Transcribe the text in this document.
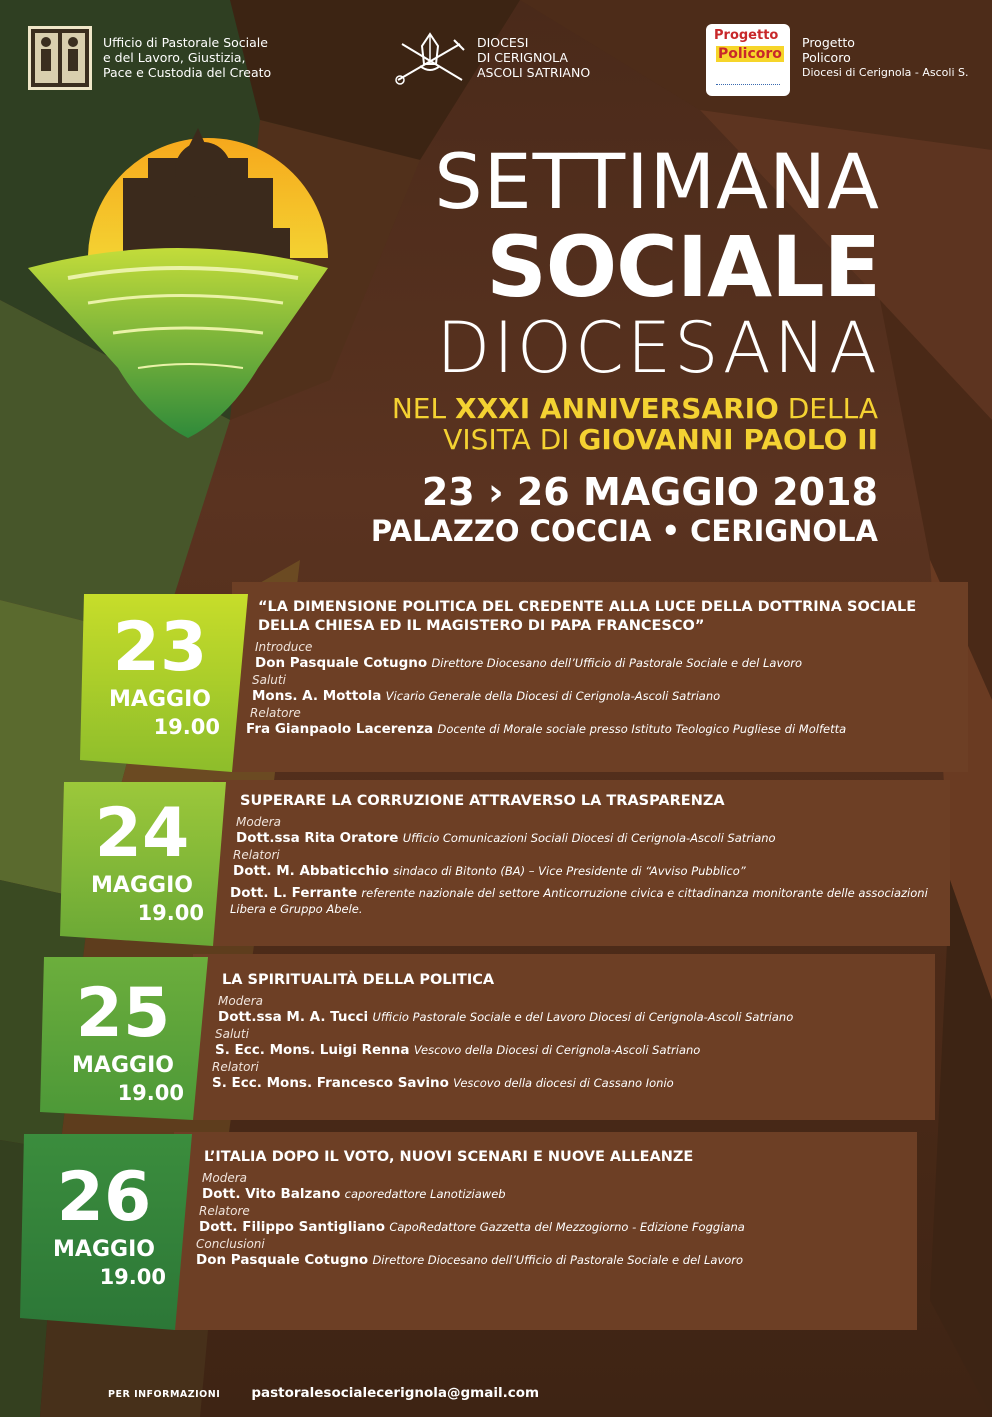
Ufficio di Pastorale Sociale
e del Lavoro, Giustizia,
Pace e Custodia del Creato
DIOCESI
DI CERIGNOLA
ASCOLI SATRIANO
Progetto
Policoro
Progetto
Policoro
Diocesi di Cerignola - Ascoli S.
SETTIMANA
SOCIALE
DIOCESANA
NEL XXXI ANNIVERSARIO DELLA
VISITA DI GIOVANNI PAOLO II
23 › 26 MAGGIO 2018
PALAZZO COCCIA • CERIGNOLA
23
MAGGIO
19.00
24
MAGGIO
19.00
25
MAGGIO
19.00
26
MAGGIO
19.00
“LA DIMENSIONE POLITICA DEL CREDENTE ALLA LUCE DELLA DOTTRINA SOCIALE
DELLA CHIESA ED IL MAGISTERO DI PAPA FRANCESCO”
Introduce
Don Pasquale Cotugno Direttore Diocesano dell’Ufficio di Pastorale Sociale e del Lavoro
Saluti
Mons. A. Mottola Vicario Generale della Diocesi di Cerignola-Ascoli Satriano
Relatore
Fra Gianpaolo Lacerenza Docente di Morale sociale presso Istituto Teologico Pugliese di Molfetta
SUPERARE LA CORRUZIONE ATTRAVERSO LA TRASPARENZA
Modera
Dott.ssa Rita Oratore Ufficio Comunicazioni Sociali Diocesi di Cerignola-Ascoli Satriano
Relatori
Dott. M. Abbaticchio sindaco di Bitonto (BA) – Vice Presidente di “Avviso Pubblico”
Dott. L. Ferrante referente nazionale del settore Anticorruzione civica e cittadinanza monitorante delle associazioni Libera e Gruppo Abele.
LA SPIRITUALITÀ DELLA POLITICA
Modera
Dott.ssa M. A. Tucci Ufficio Pastorale Sociale e del Lavoro Diocesi di Cerignola-Ascoli Satriano
Saluti
S. Ecc. Mons. Luigi Renna Vescovo della Diocesi di Cerignola-Ascoli Satriano
Relatori
S. Ecc. Mons. Francesco Savino Vescovo della diocesi di Cassano Ionio
L’ITALIA DOPO IL VOTO, NUOVI SCENARI E NUOVE ALLEANZE
Modera
Dott. Vito Balzano caporedattore Lanotiziaweb
Relatore
Dott. Filippo Santigliano CapoRedattore Gazzetta del Mezzogiorno - Edizione Foggiana
Conclusioni
Don Pasquale Cotugno Direttore Diocesano dell’Ufficio di Pastorale Sociale e del Lavoro
PER INFORMAZIONI pastoralesocialecerignola@gmail.com
